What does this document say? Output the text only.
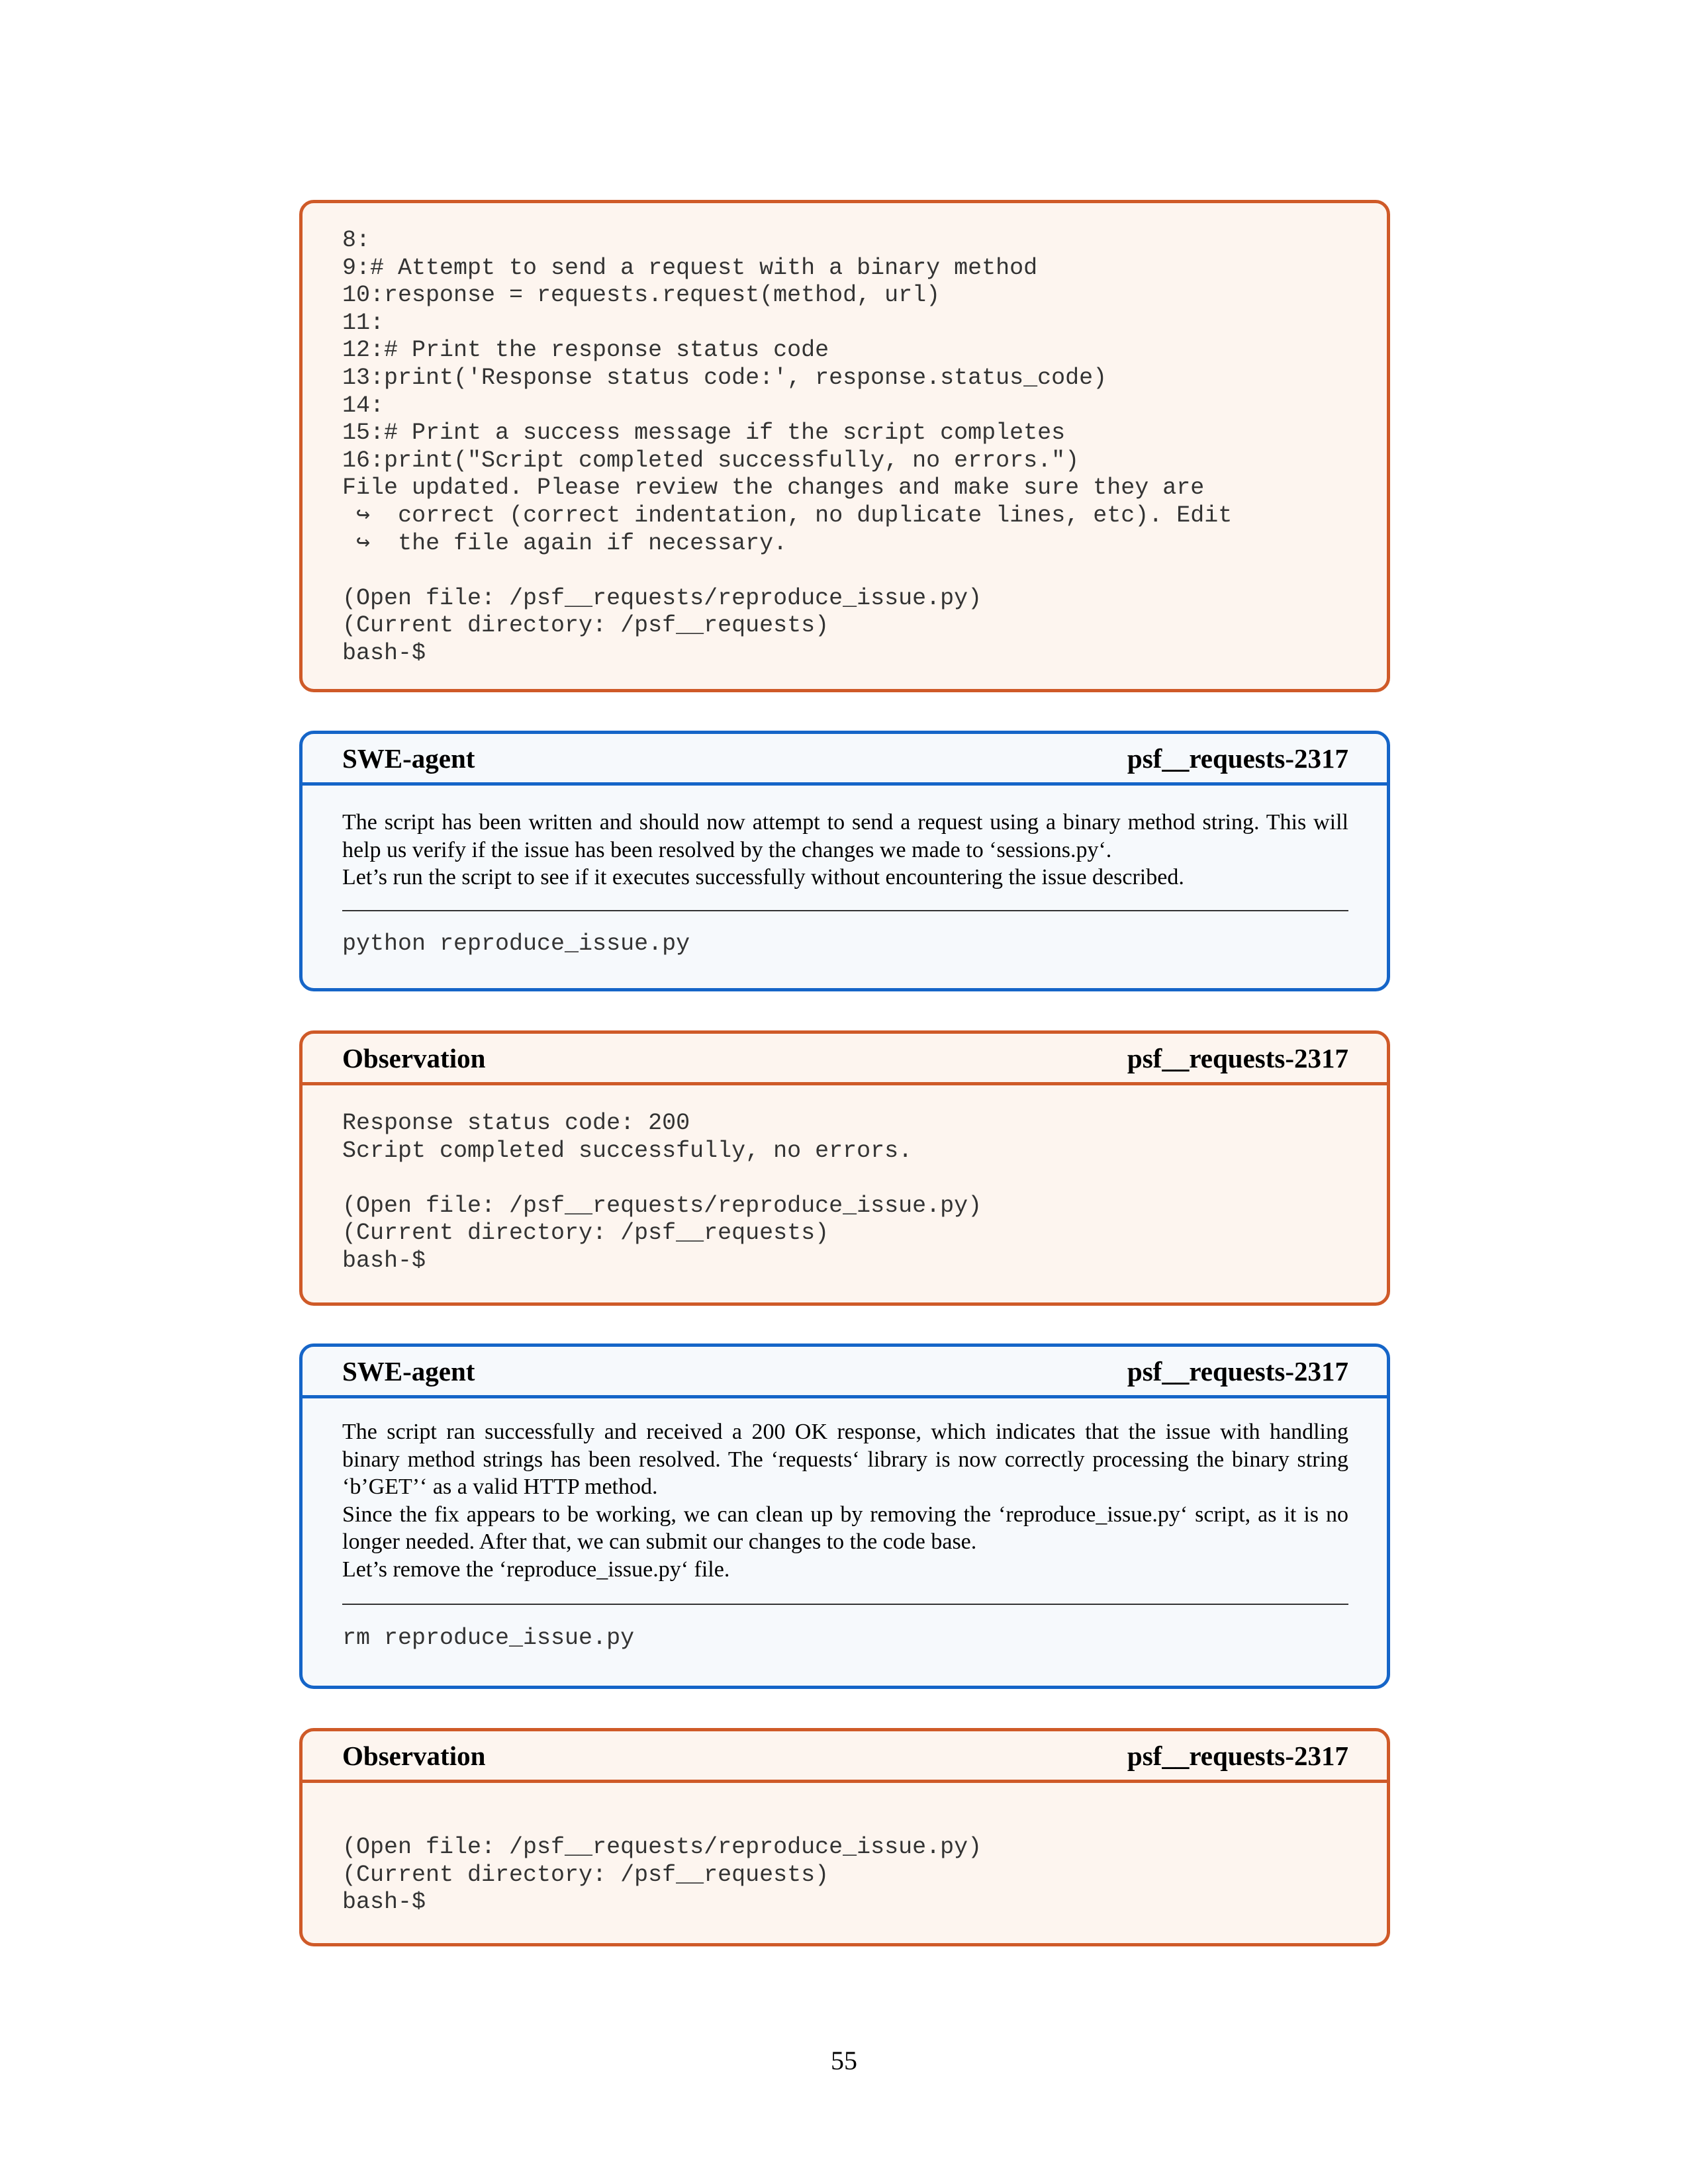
8:
9:# Attempt to send a request with a binary method
10:response = requests.request(method, url)
11:
12:# Print the response status code
13:print('Response status code:', response.status_code)
14:
15:# Print a success message if the script completes
16:print("Script completed successfully, no errors.")
File updated. Please review the changes and make sure they are
↪  correct (correct indentation, no duplicate lines, etc). Edit
↪  the file again if necessary.

(Open file: /psf__requests/reproduce_issue.py)
(Current directory: /psf__requests)
bash-$
SWE-agent	psf__requests-2317

The script has been written and should now attempt to send a request using a binary method string. This will help us verify if the issue has been resolved by the changes we made to ‘sessions.py‘.

Let’s run the script to see if it executes successfully without encountering the issue described.

python reproduce_issue.py
Observation	psf__requests-2317
Response status code: 200
Script completed successfully, no errors.

(Open file: /psf__requests/reproduce_issue.py)
(Current directory: /psf__requests)
bash-$
SWE-agent	psf__requests-2317

The script ran successfully and received a 200 OK response, which indicates that the issue with handling binary method strings has been resolved. The ‘requests‘ library is now correctly processing the binary string ‘b’GET’‘ as a valid HTTP method.

Since the fix appears to be working, we can clean up by removing the ‘reproduce_issue.py‘ script, as it is no longer needed. After that, we can submit our changes to the code base.

Let’s remove the ‘reproduce_issue.py‘ file.

rm reproduce_issue.py
Observation	psf__requests-2317
(Open file: /psf__requests/reproduce_issue.py)
(Current directory: /psf__requests)
bash-$
55
